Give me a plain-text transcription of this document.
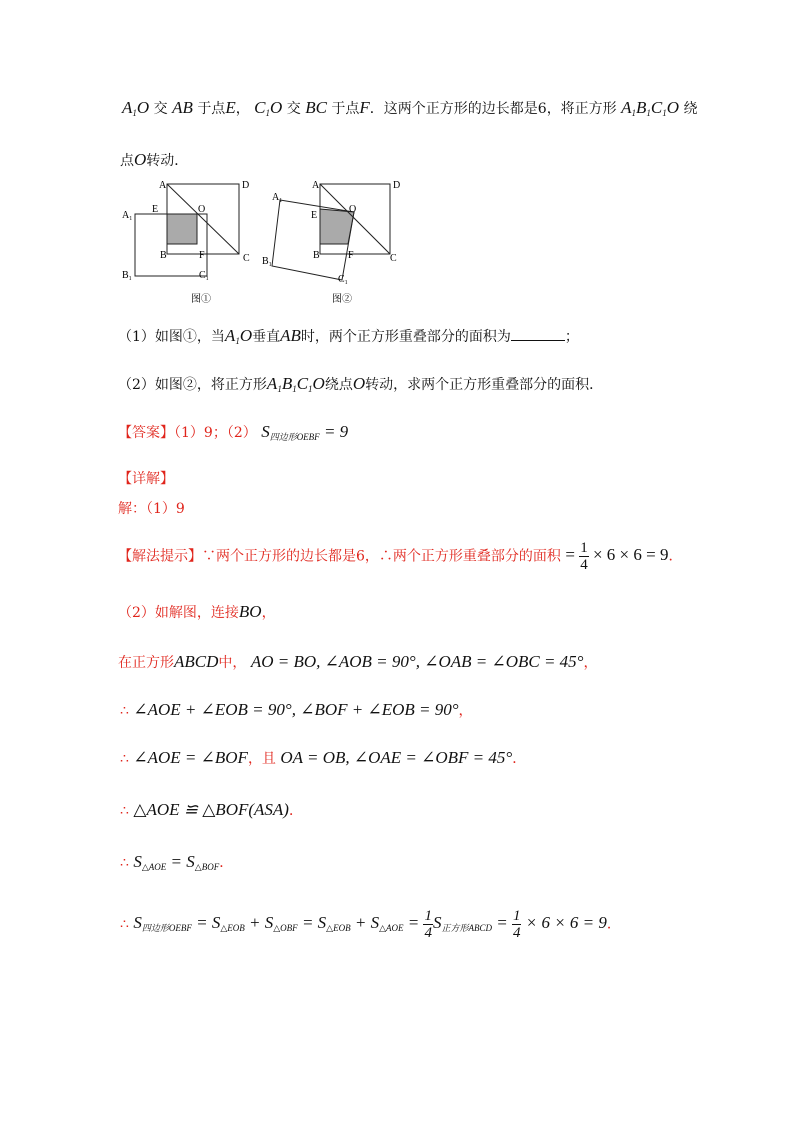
$A_1O$ 交 AB 于点E， $C_1O$ 交 BC 于点F．这两个正方形的边长都是6，将正方形 $A_1B_1C_1O$ 绕
点O转动．
A	D
$A_1$
E	O
F	C
B
$B_1$	$C_1$
图①
A	D
$A_1$
E
O
C
B	F
$B_1$
$C_1$
图②
（1）如图①，当$A_1O$垂直AB时，两个正方形重叠部分的面积为	；
（2）如图②，将正方形$A_1B_1C_1O$绕点O转动，求两个正方形重叠部分的面积．
【答案】（1）9；（2） $S_{四边形OEBF} = 9$
【详解】
解：（1）9
【解法提示】∵两个正方形的边长都是6，∴两个正方形重叠部分的面积 = $\frac{1}{4} \times 6 \times 6 = 9$．
（2）如解图，连接BO，
在正方形ABCD中， AO = BO, ∠AOB = 90°, ∠OAB = ∠OBC = 45°，
∴ ∠AOE + ∠EOB = 90°, ∠BOF + ∠EOB = 90°，
∴ ∠AOE = ∠BOF，且 OA = OB, ∠OAE = ∠OBF = 45°．
∴ △AOE ≌ △BOF(ASA)．
∴ $S_{\triangle AOE} = S_{\triangle BOF}$．
∴ $S_{四边形OEBF} = S_{\triangle EOB} + S_{\triangle OBF} = S_{\triangle EOB} + S_{\triangle AOE} = \frac{1}{4} S_{正方形ABCD} = \frac{1}{4} \times 6 \times 6 = 9$．
